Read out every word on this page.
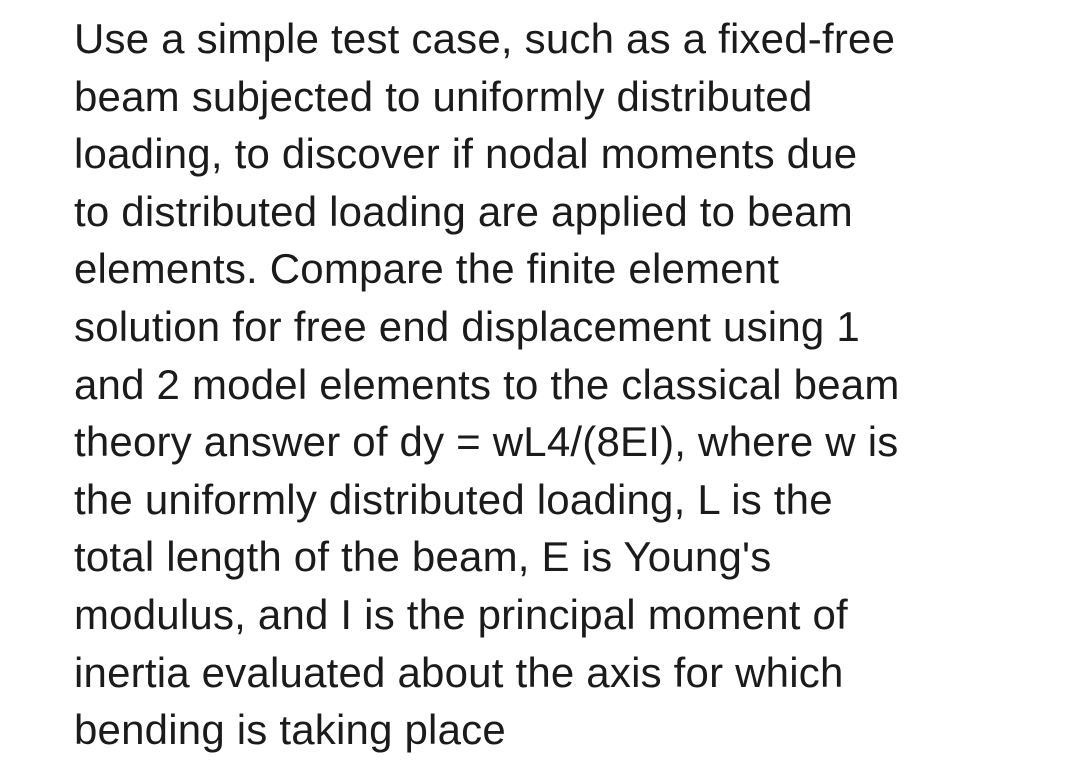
Use a simple test case, such as a fixed-free
beam subjected to uniformly distributed
loading, to discover if nodal moments due
to distributed loading are applied to beam
elements. Compare the finite element
solution for free end displacement using 1
and 2 model elements to the classical beam
theory answer of dy = wL4/(8EI), where w is
the uniformly distributed loading, L is the
total length of the beam, E is Young's
modulus, and I is the principal moment of
inertia evaluated about the axis for which
bending is taking place
